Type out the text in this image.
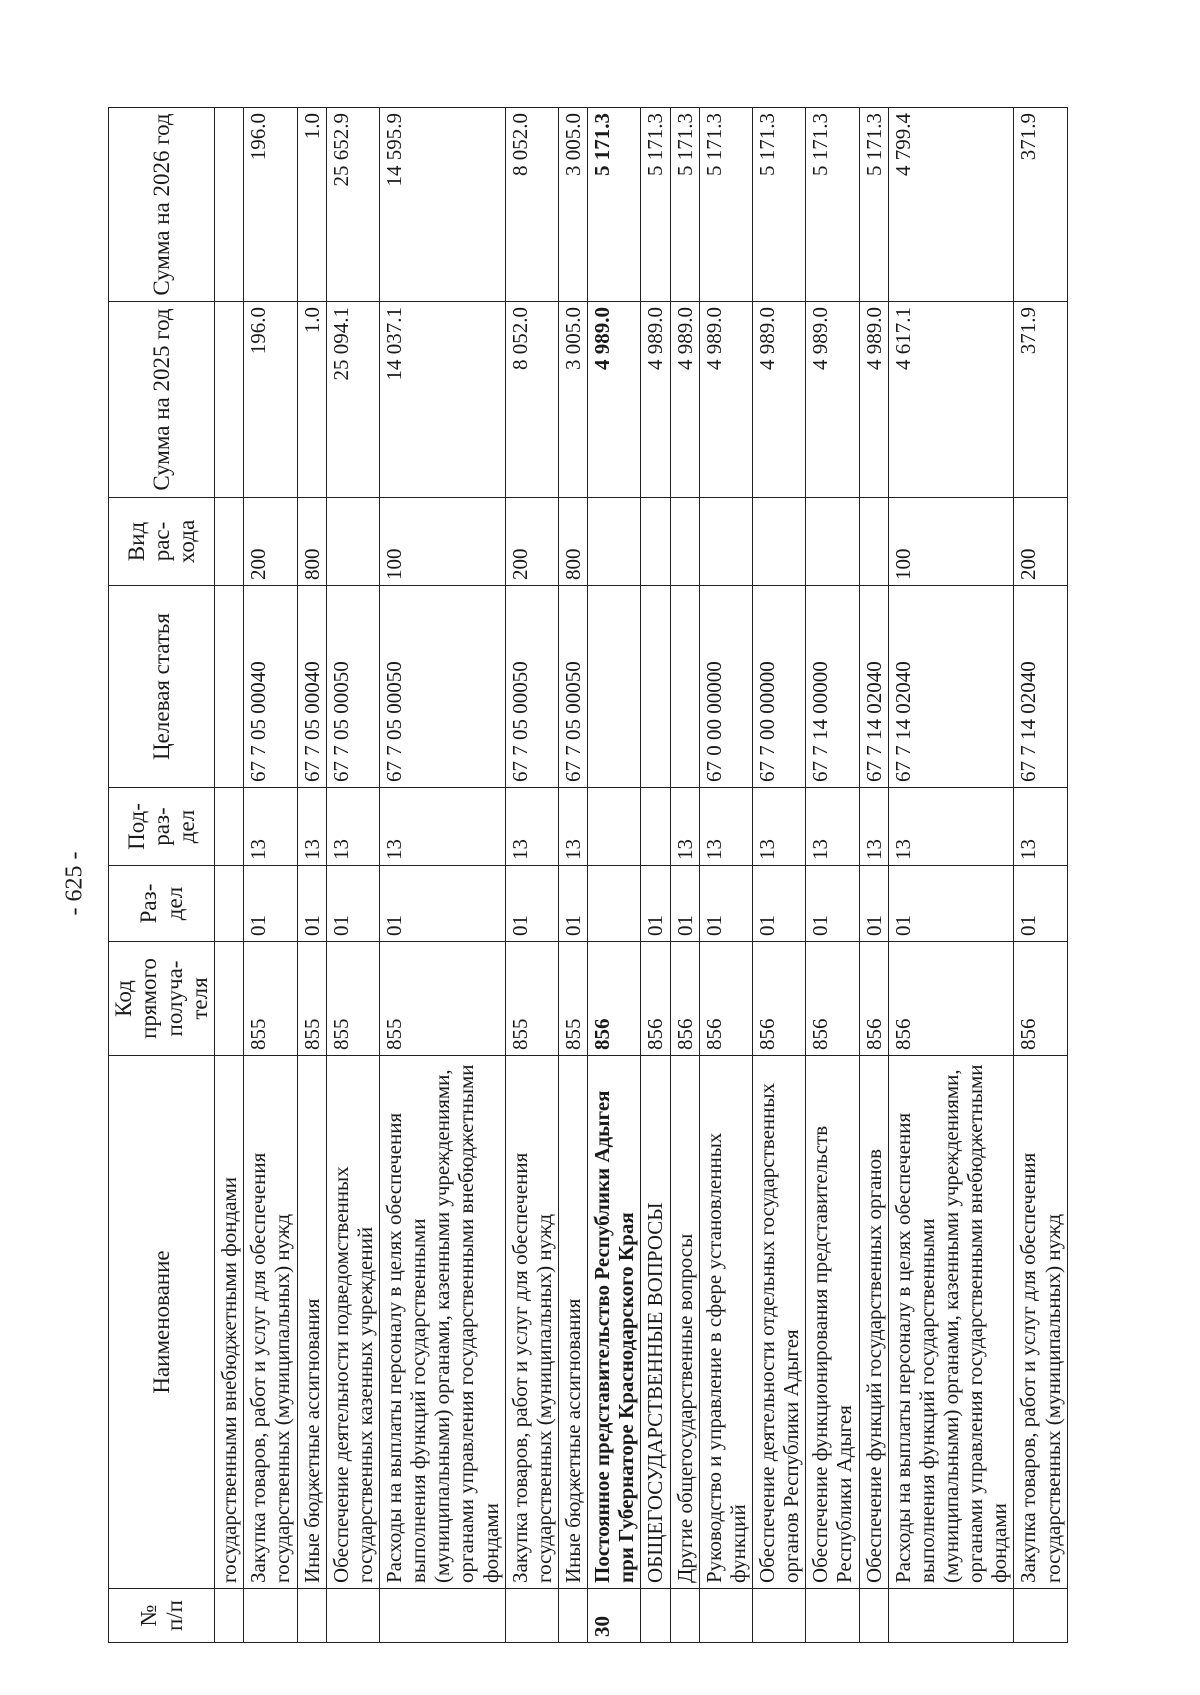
- 625 -
№ п/п	Наименование	Код прямого получа-теля	Раз-дел	Под-раз-дел	Целевая статья	Вид рас-хода	Сумма на 2025 год	Сумма на 2026 год
	государственными внебюджетными фондами							
	Закупка товаров, работ и услуг для обеспечения государственных (муниципальных) нужд	855	01	13	67 7 05 00040	200	196.0	196.0
	Иные бюджетные ассигнования	855	01	13	67 7 05 00040	800	1.0	1.0
	Обеспечение деятельности подведомственных государственных казенных учреждений	855	01	13	67 7 05 00050		25 094.1	25 652.9
	Расходы на выплаты персоналу в целях обеспечения выполнения функций государственными (муниципальными) органами, казенными учреждениями, органами управления государственными внебюджетными фондами	855	01	13	67 7 05 00050	100	14 037.1	14 595.9
	Закупка товаров, работ и услуг для обеспечения государственных (муниципальных) нужд	855	01	13	67 7 05 00050	200	8 052.0	8 052.0
	Иные бюджетные ассигнования	855	01	13	67 7 05 00050	800	3 005.0	3 005.0
30	Постоянное представительство Республики Адыгея при Губернаторе Краснодарского Края	856					4 989.0	5 171.3
	ОБЩЕГОСУДАРСТВЕННЫЕ ВОПРОСЫ	856	01				4 989.0	5 171.3
	Другие общегосударственные вопросы	856	01	13			4 989.0	5 171.3
	Руководство и управление в сфере установленных функций	856	01	13	67 0 00 00000		4 989.0	5 171.3
	Обеспечение деятельности отдельных государственных органов Республики Адыгея	856	01	13	67 7 00 00000		4 989.0	5 171.3
	Обеспечение функционирования представительств Республики Адыгея	856	01	13	67 7 14 00000		4 989.0	5 171.3
	Обеспечение функций государственных органов	856	01	13	67 7 14 02040		4 989.0	5 171.3
	Расходы на выплаты персоналу в целях обеспечения выполнения функций государственными (муниципальными) органами, казенными учреждениями, органами управления государственными внебюджетными фондами	856	01	13	67 7 14 02040	100	4 617.1	4 799.4
	Закупка товаров, работ и услуг для обеспечения государственных (муниципальных) нужд	856	01	13	67 7 14 02040	200	371.9	371.9
